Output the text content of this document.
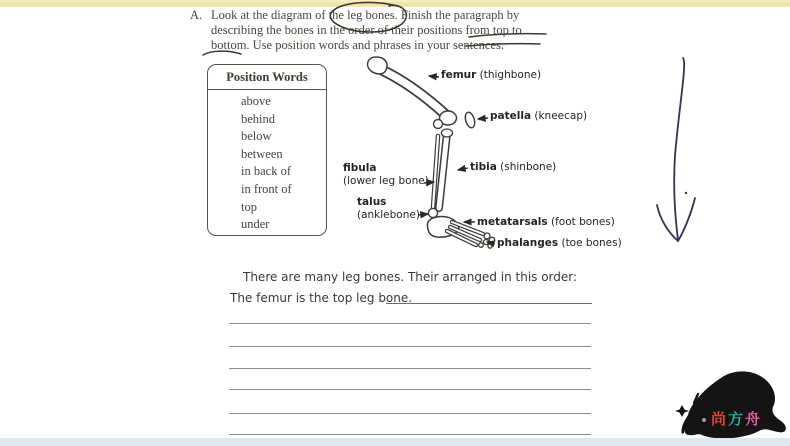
A. Look at the diagram of the leg bones. Finish the paragraph by
describing the bones in the order of their positions from top to
bottom. Use position words and phrases in your sentences.
Position Words
above
behind
below
between
in back of
in front of
top
under
femur (thighbone)
patella (kneecap)
tibia (shinbone)
fibula
(lower leg bone)
talus
(anklebone)
metatarsals (foot bones)
phalanges (toe bones)
There are many leg bones. Their arranged in this order:
The femur is the top leg bone.
尚方舟
